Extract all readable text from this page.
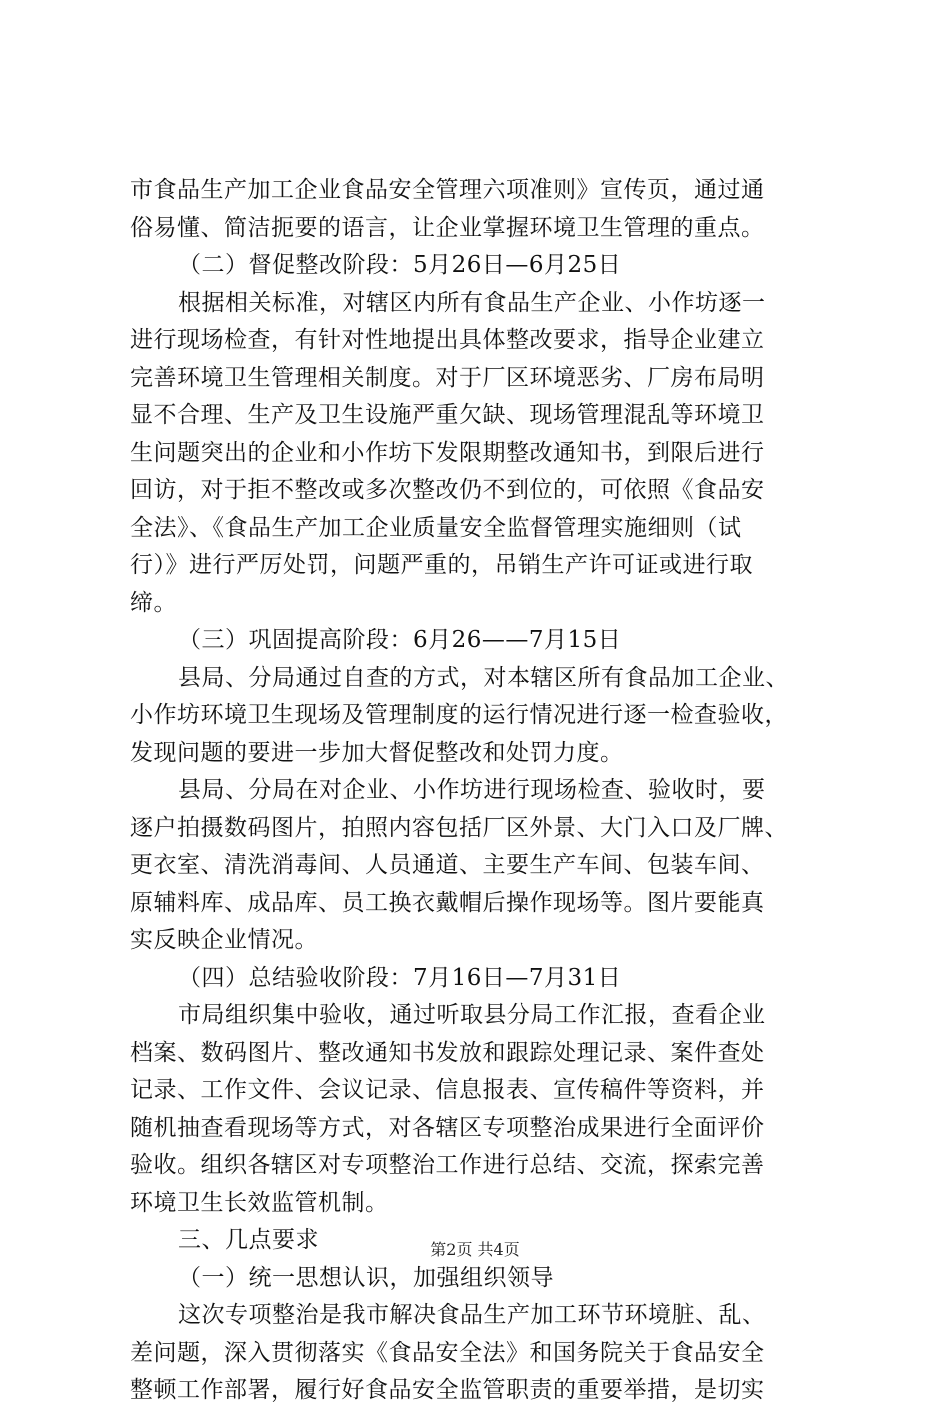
市食品生产加工企业食品安全管理六项准则》宣传页，通过通
俗易懂、简洁扼要的语言，让企业掌握环境卫生管理的重点。
（二）督促整改阶段：5月26日—6月25日
根据相关标准，对辖区内所有食品生产企业、小作坊逐一
进行现场检查，有针对性地提出具体整改要求，指导企业建立
完善环境卫生管理相关制度。对于厂区环境恶劣、厂房布局明
显不合理、生产及卫生设施严重欠缺、现场管理混乱等环境卫
生问题突出的企业和小作坊下发限期整改通知书，到限后进行
回访，对于拒不整改或多次整改仍不到位的，可依照《食品安
全法》、《食品生产加工企业质量安全监督管理实施细则（试
行）》进行严厉处罚，问题严重的，吊销生产许可证或进行取
缔。
（三）巩固提高阶段：6月26——7月15日
县局、分局通过自查的方式，对本辖区所有食品加工企业、
小作坊环境卫生现场及管理制度的运行情况进行逐一检查验收，
发现问题的要进一步加大督促整改和处罚力度。
县局、分局在对企业、小作坊进行现场检查、验收时，要
逐户拍摄数码图片，拍照内容包括厂区外景、大门入口及厂牌、
更衣室、清洗消毒间、人员通道、主要生产车间、包装车间、
原辅料库、成品库、员工换衣戴帽后操作现场等。图片要能真
实反映企业情况。
（四）总结验收阶段：7月16日—7月31日
市局组织集中验收，通过听取县分局工作汇报，查看企业
档案、数码图片、整改通知书发放和跟踪处理记录、案件查处
记录、工作文件、会议记录、信息报表、宣传稿件等资料，并
随机抽查看现场等方式，对各辖区专项整治成果进行全面评价
验收。组织各辖区对专项整治工作进行总结、交流，探索完善
环境卫生长效监管机制。
三、几点要求
（一）统一思想认识，加强组织领导
这次专项整治是我市解决食品生产加工环节环境脏、乱、
差问题，深入贯彻落实《食品安全法》和国务院关于食品安全
整顿工作部署，履行好食品安全监管职责的重要举措，是切实
第2页 共4页
